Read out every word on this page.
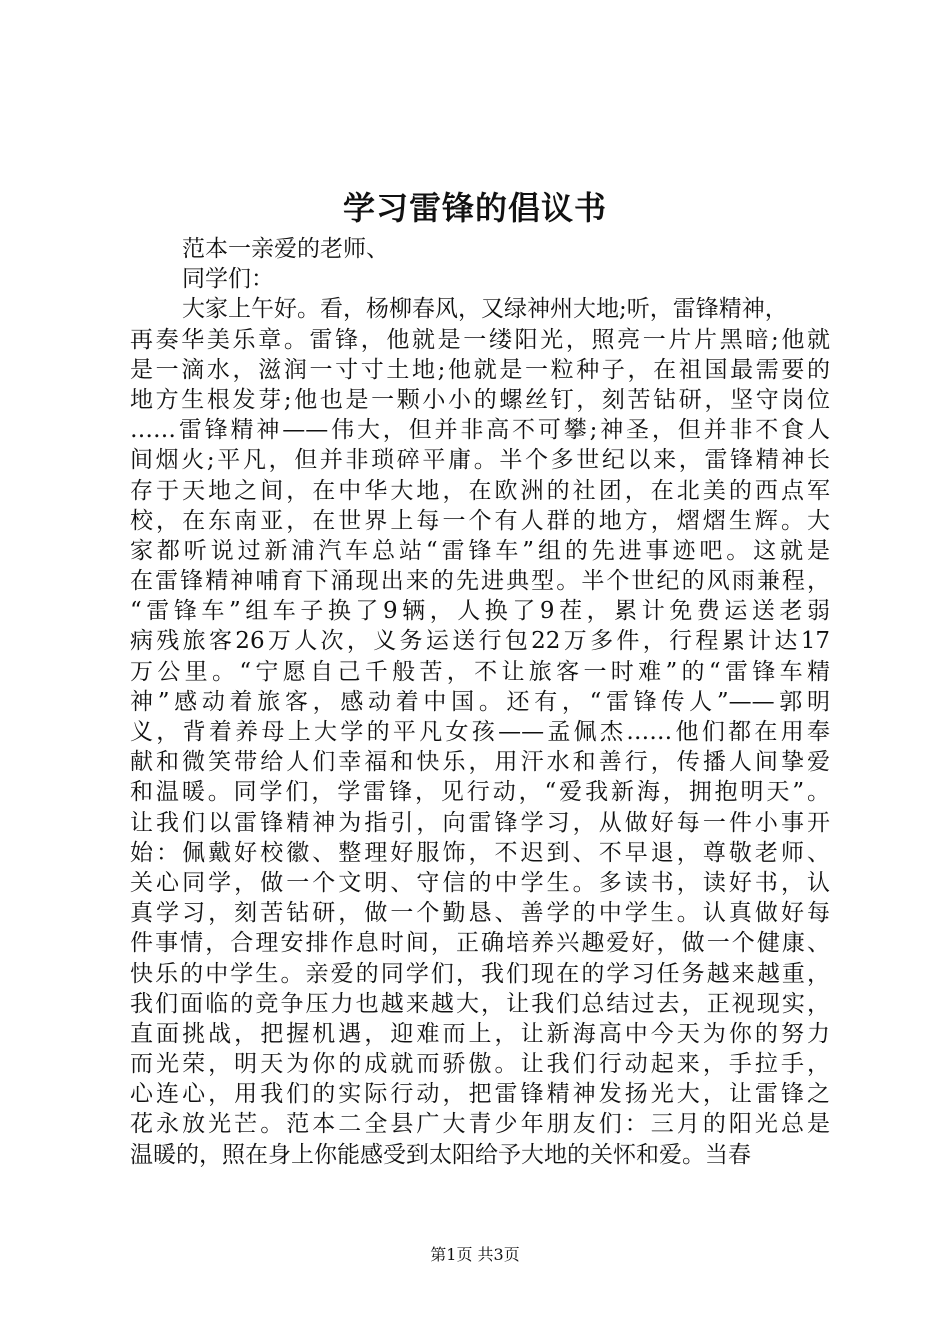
学习雷锋的倡议书
范本一亲爱的老师、
同学们：
大家上午好。看，杨柳春风，又绿神州大地;听，雷锋精神，
再奏华美乐章。雷锋，他就是一缕阳光，照亮一片片黑暗;他就
是一滴水，滋润一寸寸土地;他就是一粒种子，在祖国最需要的
地方生根发芽;他也是一颗小小的螺丝钉，刻苦钻研，坚守岗位
……雷锋精神——伟大，但并非高不可攀;神圣，但并非不食人
间烟火;平凡，但并非琐碎平庸。半个多世纪以来，雷锋精神长
存于天地之间，在中华大地，在欧洲的社团，在北美的西点军
校，在东南亚，在世界上每一个有人群的地方，熠熠生辉。大
家都听说过新浦汽车总站“雷锋车”组的先进事迹吧。这就是
在雷锋精神哺育下涌现出来的先进典型。半个世纪的风雨兼程，
“雷锋车”组车子换了9辆，人换了9茬，累计免费运送老弱
病残旅客26万人次，义务运送行包22万多件，行程累计达17
万公里。“宁愿自己千般苦，不让旅客一时难”的“雷锋车精
神”感动着旅客，感动着中国。还有，“雷锋传人”——郭明
义，背着养母上大学的平凡女孩——孟佩杰……他们都在用奉
献和微笑带给人们幸福和快乐，用汗水和善行，传播人间挚爱
和温暖。同学们，学雷锋，见行动，“爱我新海，拥抱明天”。
让我们以雷锋精神为指引，向雷锋学习，从做好每一件小事开
始：佩戴好校徽、整理好服饰，不迟到、不早退，尊敬老师、
关心同学，做一个文明、守信的中学生。多读书，读好书，认
真学习，刻苦钻研，做一个勤恳、善学的中学生。认真做好每
件事情，合理安排作息时间，正确培养兴趣爱好，做一个健康、
快乐的中学生。亲爱的同学们，我们现在的学习任务越来越重，
我们面临的竞争压力也越来越大，让我们总结过去，正视现实，
直面挑战，把握机遇，迎难而上，让新海高中今天为你的努力
而光荣，明天为你的成就而骄傲。让我们行动起来，手拉手，
心连心，用我们的实际行动，把雷锋精神发扬光大，让雷锋之
花永放光芒。范本二全县广大青少年朋友们：三月的阳光总是
温暖的，照在身上你能感受到太阳给予大地的关怀和爱。当春
第1页 共3页
